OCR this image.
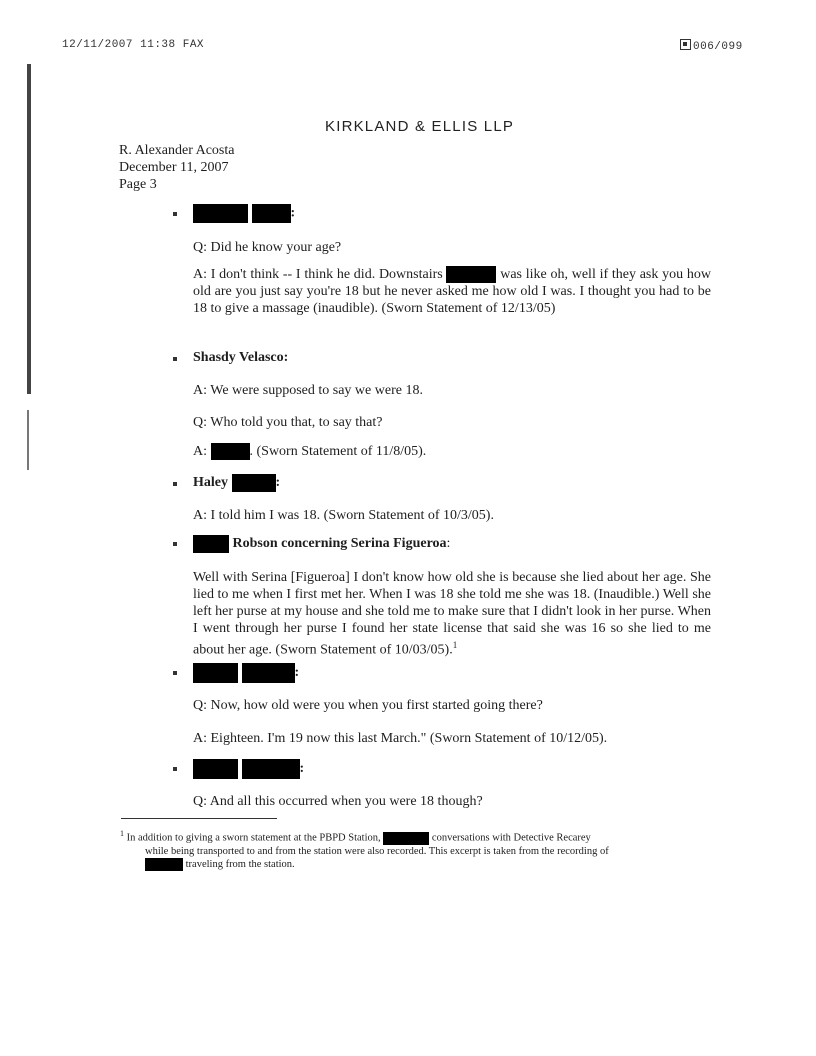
12/11/2007 11:38 FAX	006/099
KIRKLAND & ELLIS LLP
R. Alexander Acosta
December 11, 2007
Page 3
:
Q: Did he know your age?
A: I don't think -- I think he did. Downstairs	was like oh, well if they ask you how old are you just say you're 18 but he never asked me how old I was. I thought you had to be 18 to give a massage (inaudible). (Sworn Statement of 12/13/05)
Shasdy Velasco:
A: We were supposed to say we were 18.
Q: Who told you that, to say that?
A:	. (Sworn Statement of 11/8/05).
Haley	:
A: I told him I was 18. (Sworn Statement of 10/3/05).
Robson concerning Serina Figueroa:
Well with Serina [Figueroa] I don't know how old she is because she lied about her age. She lied to me when I first met her. When I was 18 she told me she was 18. (Inaudible.) Well she left her purse at my house and she told me to make sure that I didn't look in her purse. When I went through her purse I found her state license that said she was 16 so she lied to me about her age. (Sworn Statement of 10/03/05).$^1$
:
Q: Now, how old were you when you first started going there?
A: Eighteen. I'm 19 now this last March." (Sworn Statement of 10/12/05).
:
Q: And all this occurred when you were 18 though?
$^1$ In addition to giving a sworn statement at the PBPD Station,	conversations with Detective Recarey
while being transported to and from the station were also recorded. This excerpt is taken from the recording of
traveling from the station.
